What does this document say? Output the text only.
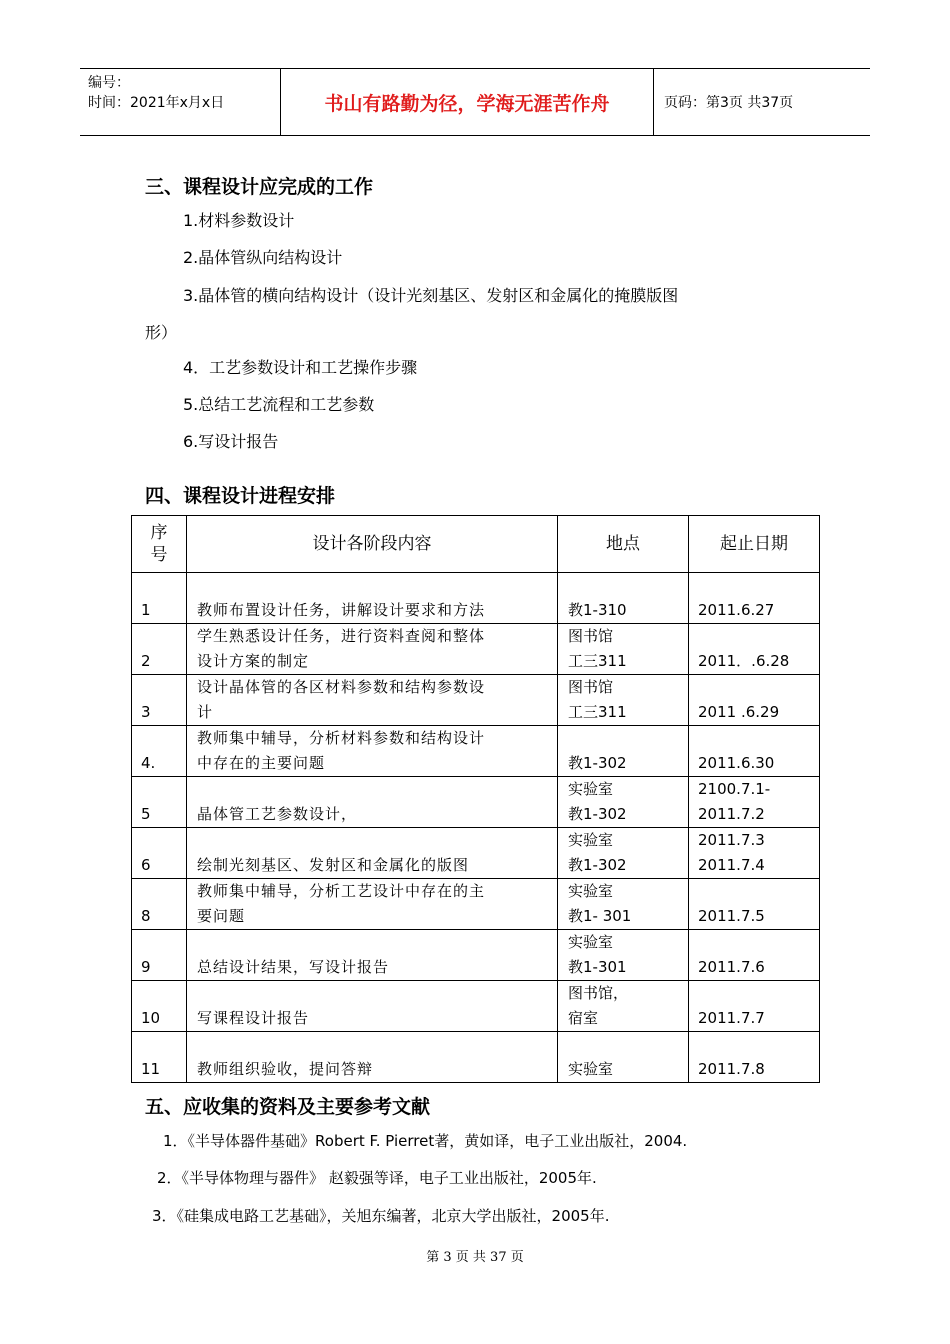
编号：
时间：2021年x月x日	书山有路勤为径，学海无涯苦作舟	页码：第3页 共37页
三、课程设计应完成的工作
1.材料参数设计
2.晶体管纵向结构设计
3.晶体管的横向结构设计（设计光刻基区、发射区和金属化的掩膜版图
形）
4．工艺参数设计和工艺操作步骤
5.总结工艺流程和工艺参数
6.写设计报告
四、课程设计进程安排
序
号	设计各阶段内容	地点	起止日期
1	教师布置设计任务，讲解设计要求和方法	教1-310	2011.6.27

2	学生熟悉设计任务，进行资料查阅和整体
设计方案的制定	图书馆
工三311	2011．.6.28

3	设计晶体管的各区材料参数和结构参数设
计	图书馆
工三311	2011 .6.29

4.	教师集中辅导，分析材料参数和结构设计
中存在的主要问题	教1-302	2011.6.30

5	晶体管工艺参数设计，	实验室
教1-302	2100.7.1-
2011.7.2

6	绘制光刻基区、发射区和金属化的版图	实验室
教1-302	2011.7.3
2011.7.4

8	教师集中辅导，分析工艺设计中存在的主
要问题	实验室
教1- 301	2011.7.5

9	总结设计结果，写设计报告	实验室
教1-301	2011.7.6

10	写课程设计报告	图书馆，
宿室	2011.7.7

11	教师组织验收，提问答辩	实验室	2011.7.8
五、应收集的资料及主要参考文献
1．《半导体器件基础》Robert F. Pierret著，黄如译，电子工业出版社，2004.
2．《半导体物理与器件》 赵毅强等译，电子工业出版社，2005年.
3．《硅集成电路工艺基础》，关旭东编著，北京大学出版社，2005年.
第 3 页 共 37 页
